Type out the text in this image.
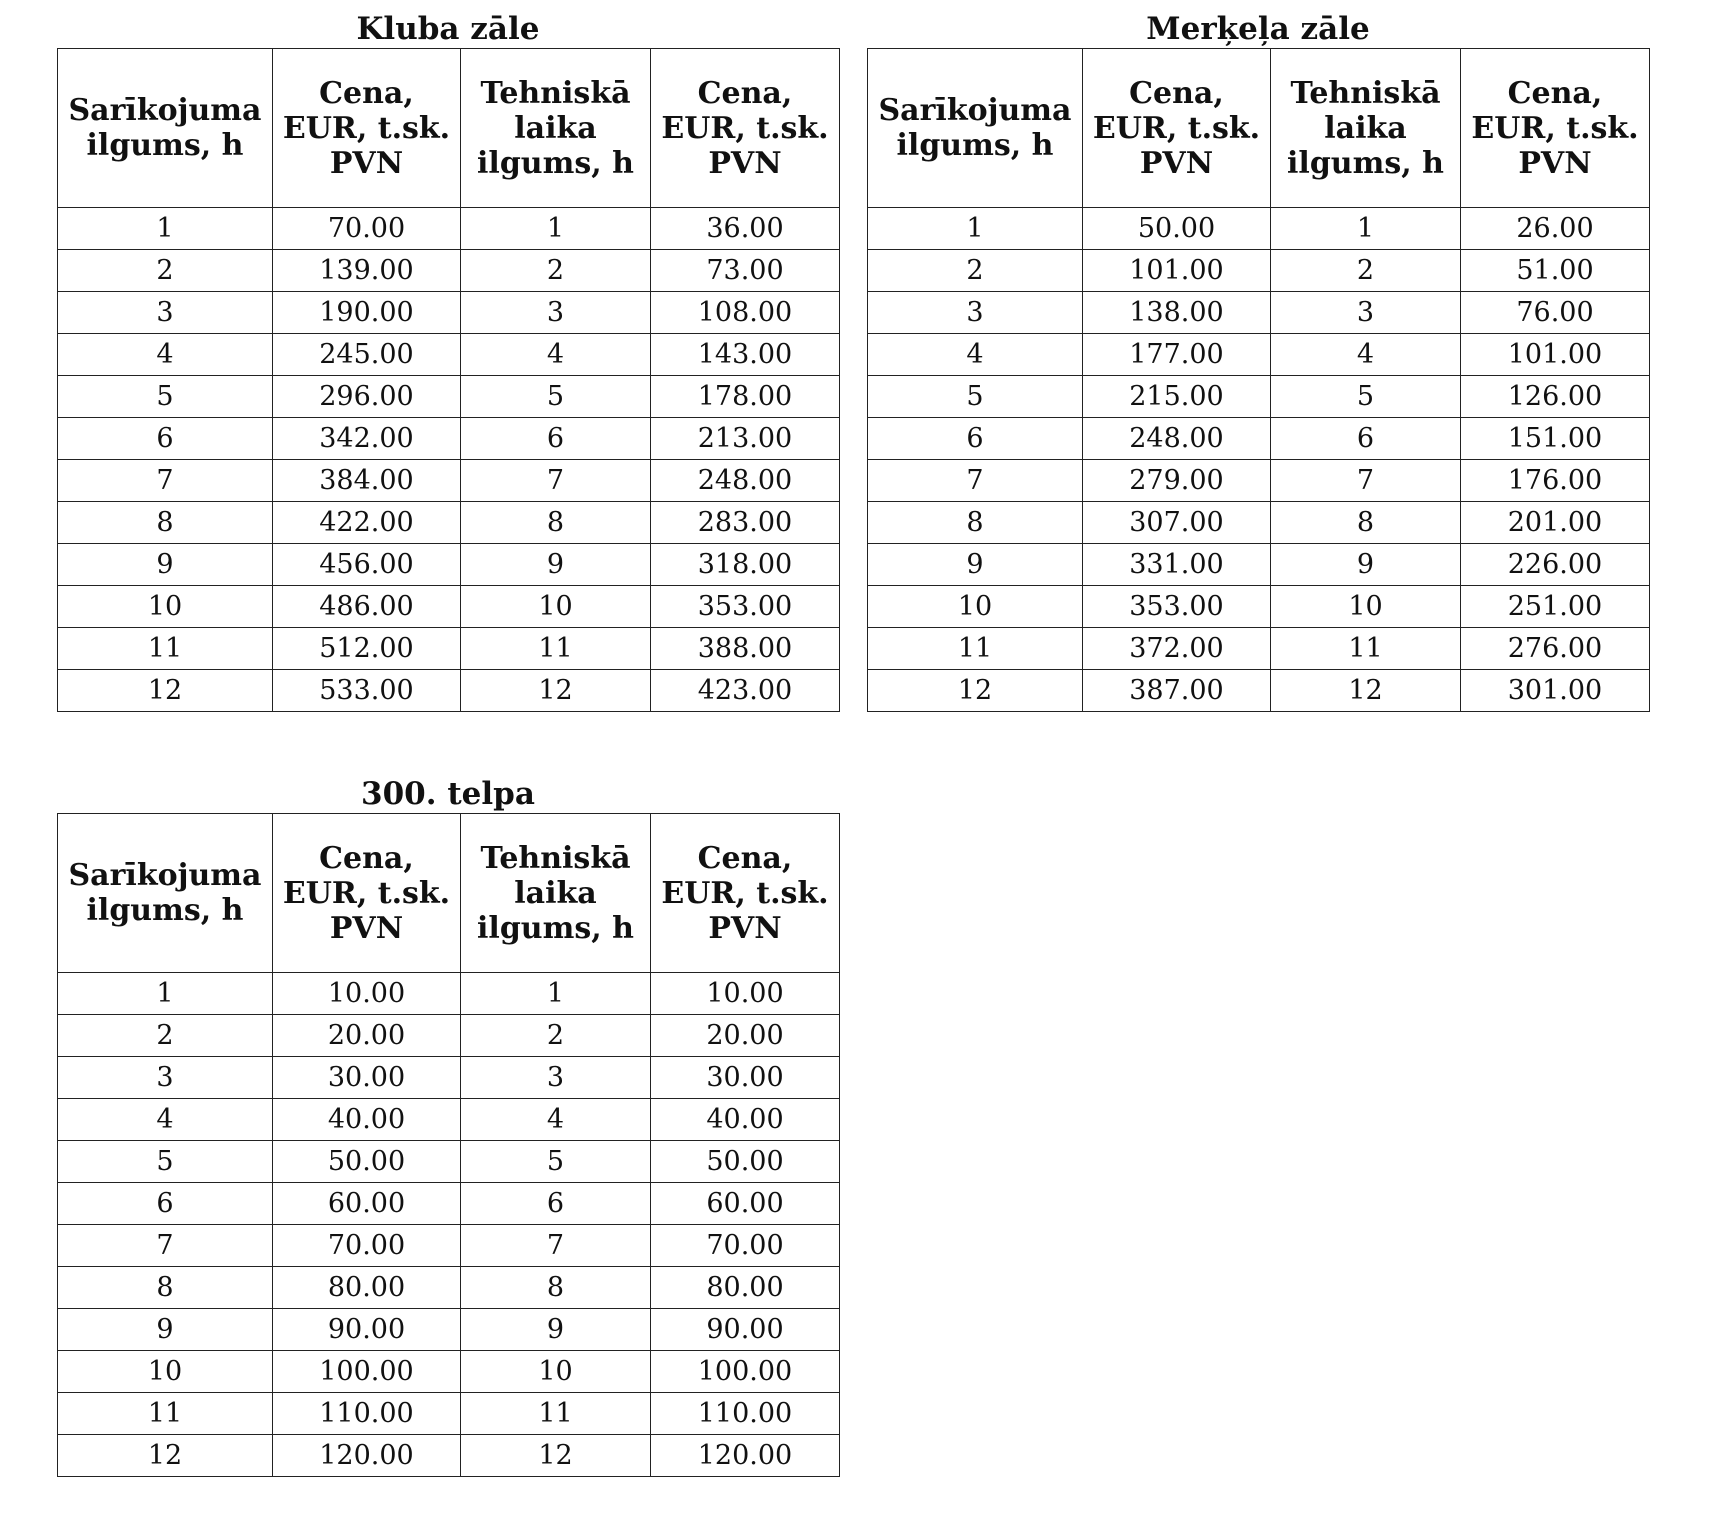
Kluba zāle
Sarīkojuma ilgums, h	Cena, EUR, t.sk. PVN	Tehniskā laika ilgums, h	Cena, EUR, t.sk. PVN
1	70.00	1	36.00
2	139.00	2	73.00
3	190.00	3	108.00
4	245.00	4	143.00
5	296.00	5	178.00
6	342.00	6	213.00
7	384.00	7	248.00
8	422.00	8	283.00
9	456.00	9	318.00
10	486.00	10	353.00
11	512.00	11	388.00
12	533.00	12	423.00
Merķeļa zāle
Sarīkojuma ilgums, h	Cena, EUR, t.sk. PVN	Tehniskā laika ilgums, h	Cena, EUR, t.sk. PVN
1	50.00	1	26.00
2	101.00	2	51.00
3	138.00	3	76.00
4	177.00	4	101.00
5	215.00	5	126.00
6	248.00	6	151.00
7	279.00	7	176.00
8	307.00	8	201.00
9	331.00	9	226.00
10	353.00	10	251.00
11	372.00	11	276.00
12	387.00	12	301.00
300. telpa
Sarīkojuma ilgums, h	Cena, EUR, t.sk. PVN	Tehniskā laika ilgums, h	Cena, EUR, t.sk. PVN
1	10.00	1	10.00
2	20.00	2	20.00
3	30.00	3	30.00
4	40.00	4	40.00
5	50.00	5	50.00
6	60.00	6	60.00
7	70.00	7	70.00
8	80.00	8	80.00
9	90.00	9	90.00
10	100.00	10	100.00
11	110.00	11	110.00
12	120.00	12	120.00
